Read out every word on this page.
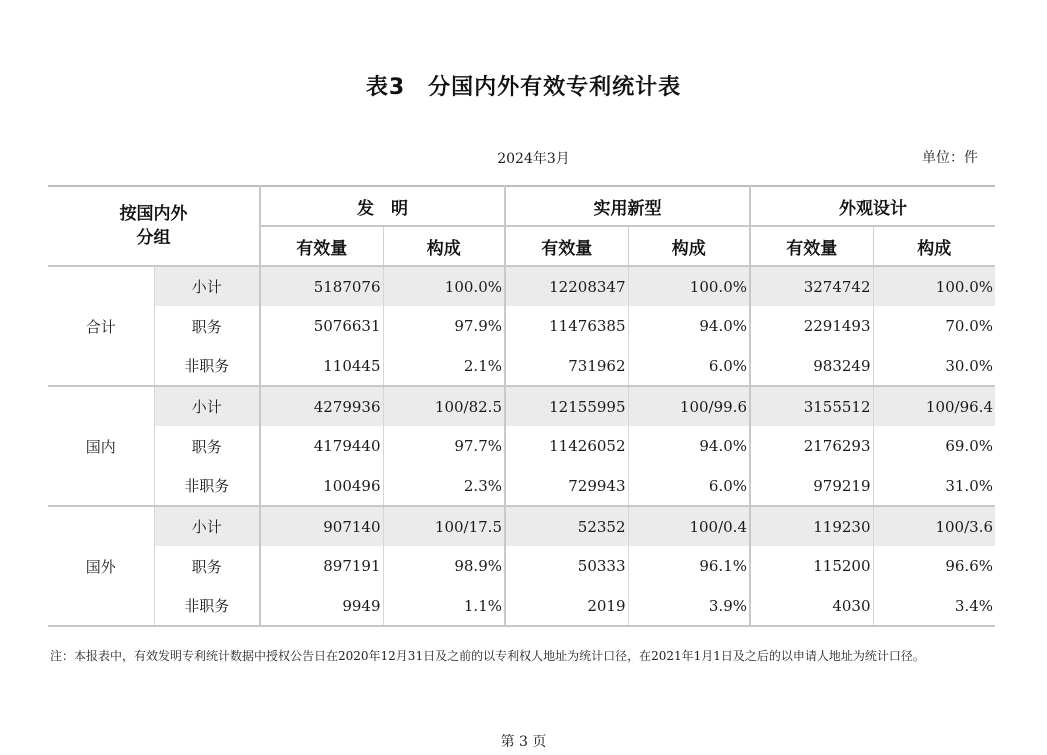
表3　分国内外有效专利统计表
2024年3月	单位：件
按国内外
分组		发　明		实用新型		外观设计	
		有效量	构成	有效量	构成	有效量	构成
合计	小计	5187076	100.0%	12208347	100.0%	3274742	100.0%
	职务	5076631	97.9%	11476385	94.0%	2291493	70.0%
	非职务	110445	2.1%	731962	6.0%	983249	30.0%
国内	小计	4279936	100/82.5	12155995	100/99.6	3155512	100/96.4
	职务	4179440	97.7%	11426052	94.0%	2176293	69.0%
	非职务	100496	2.3%	729943	6.0%	979219	31.0%
国外	小计	907140	100/17.5	52352	100/0.4	119230	100/3.6
	职务	897191	98.9%	50333	96.1%	115200	96.6%
	非职务	9949	1.1%	2019	3.9%	4030	3.4%
注：本报表中，有效发明专利统计数据中授权公告日在2020年12月31日及之前的以专利权人地址为统计口径，在2021年1月1日及之后的以申请人地址为统计口径。
第 3 页
